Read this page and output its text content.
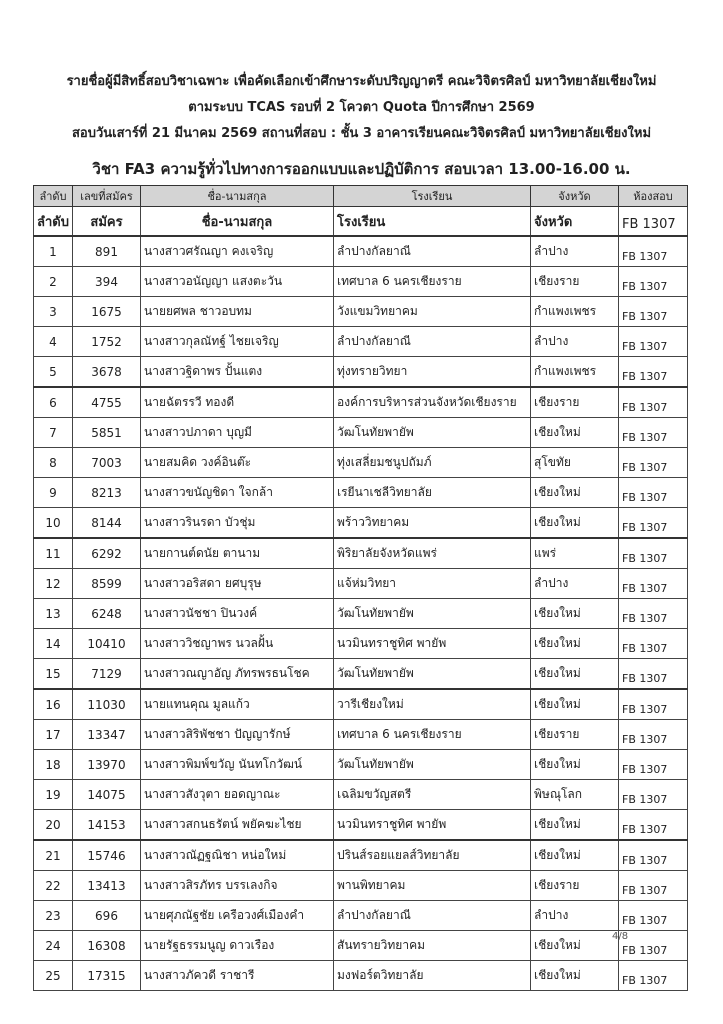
รายชื่อผู้มีสิทธิ์สอบวิชาเฉพาะ เพื่อคัดเลือกเข้าศึกษาระดับปริญญาตรี คณะวิจิตรศิลป์ มหาวิทยาลัยเชียงใหม่
ตามระบบ TCAS รอบที่ 2 โควตา Quota ปีการศึกษา 2569
สอบวันเสาร์ที่ 21 มีนาคม 2569 สถานที่สอบ : ชั้น 3 อาคารเรียนคณะวิจิตรศิลป์ มหาวิทยาลัยเชียงใหม่
วิชา FA3 ความรู้ทั่วไปทางการออกแบบและปฏิบัติการ สอบเวลา 13.00-16.00 น.
ลำดับ	เลขที่สมัคร	ชื่อ-นามสกุล	โรงเรียน	จังหวัด	ห้องสอบ
ลำดับ	สมัคร	ชื่อ-นามสกุล	โรงเรียน	จังหวัด	FB 1307
1	891	นางสาวศรัณญา คงเจริญ	ลำปางกัลยาณี	ลำปาง	FB 1307
2	394	นางสาวอนัญญา แสงตะวัน	เทศบาล 6 นครเชียงราย	เชียงราย	FB 1307
3	1675	นายยศพล ชาวอบทม	วังแขมวิทยาคม	กำแพงเพชร	FB 1307
4	1752	นางสาวกุลณัทฐ์ ไชยเจริญ	ลำปางกัลยาณี	ลำปาง	FB 1307
5	3678	นางสาวฐิดาพร ปั้นแตง	ทุ่งทรายวิทยา	กำแพงเพชร	FB 1307
6	4755	นายฉัตรรวี ทองดี	องค์การบริหารส่วนจังหวัดเชียงราย	เชียงราย	FB 1307
7	5851	นางสาวปภาดา บุญมี	วัฒโนทัยพายัพ	เชียงใหม่	FB 1307
8	7003	นายสมคิด วงค์อินต๊ะ	ทุ่งเสลี่ยมชนูปถัมภ์	สุโขทัย	FB 1307
9	8213	นางสาวขนัญชิดา ใจกล้า	เรยีนาเชลีวิทยาลัย	เชียงใหม่	FB 1307
10	8144	นางสาวรินรดา บัวชุ่ม	พร้าววิทยาคม	เชียงใหม่	FB 1307
11	6292	นายกานต์ดนัย ตานาม	พิริยาลัยจังหวัดแพร่	แพร่	FB 1307
12	8599	นางสาวอริสดา ยศบุรุษ	แจ้ห่มวิทยา	ลำปาง	FB 1307
13	6248	นางสาวนัชชา ปินวงค์	วัฒโนทัยพายัพ	เชียงใหม่	FB 1307
14	10410	นางสาววิชญาพร นวลฝั้น	นวมินทราชูทิศ พายัพ	เชียงใหม่	FB 1307
15	7129	นางสาวณญาอัญ ภัทรพรธนโชค	วัฒโนทัยพายัพ	เชียงใหม่	FB 1307
16	11030	นายแทนคุณ มูลแก้ว	วารีเชียงใหม่	เชียงใหม่	FB 1307
17	13347	นางสาวสิริพัชชา ปัญญารักษ์	เทศบาล 6 นครเชียงราย	เชียงราย	FB 1307
18	13970	นางสาวพิมพ์ขวัญ นันทโกวัฒน์	วัฒโนทัยพายัพ	เชียงใหม่	FB 1307
19	14075	นางสาวสังวุตา ยอดญาณะ	เฉลิมขวัญสตรี	พิษณุโลก	FB 1307
20	14153	นางสาวสกนธรัตน์ พยัคฆะไชย	นวมินทราชูทิศ พายัพ	เชียงใหม่	FB 1307
21	15746	นางสาวณัฏฐณิชา หน่อใหม่	ปรินส์รอยแยลส์วิทยาลัย	เชียงใหม่	FB 1307
22	13413	นางสาวสิรภัทร บรรเลงกิจ	พานพิทยาคม	เชียงราย	FB 1307
23	696	นายศุภณัฐชัย เครือวงศ์เมืองคำ	ลำปางกัลยาณี	ลำปาง	FB 1307
24	16308	นายรัฐธรรมนูญ ดาวเรือง	สันทรายวิทยาคม	เชียงใหม่	FB 1307
25	17315	นางสาวภัควดี ราชารี	มงฟอร์ตวิทยาลัย	เชียงใหม่	FB 1307
4/8
